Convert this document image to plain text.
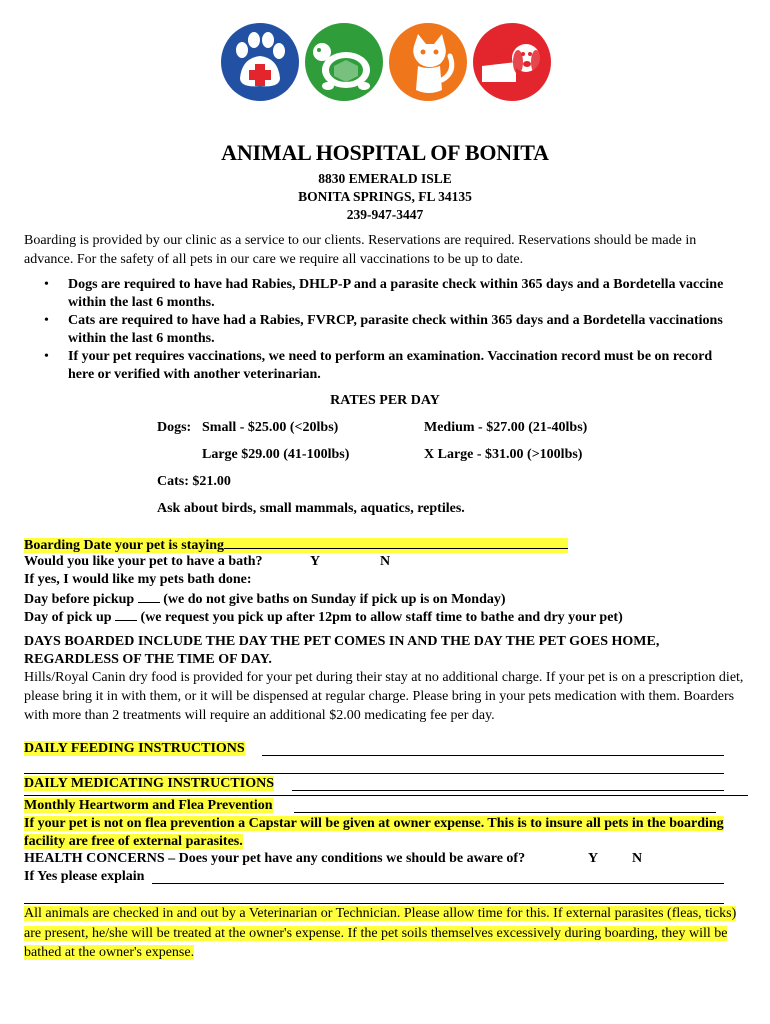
ANIMAL HOSPITAL OF BONITA
8830 EMERALD ISLE
BONITA SPRINGS, FL 34135
239-947-3447
Boarding is provided by our clinic as a service to our clients. Reservations are required. Reservations should be made in advance. For the safety of all pets in our care we require all vaccinations to be up to date.
• Dogs are required to have had Rabies, DHLP-P and a parasite check within 365 days and a Bordetella vaccine within the last 6 months.
• Cats are required to have had a Rabies, FVRCP, parasite check within 365 days and a Bordetella vaccinations within the last 6 months.
• If your pet requires vaccinations, we need to perform an examination. Vaccination record must be on record here or verified with another veterinarian.
RATES PER DAY
Dogs: Small - $25.00 (<20lbs)	Medium - $27.00 (21-40lbs)
Large $29.00 (41-100lbs)	X Large - $31.00 (>100lbs)
Cats: $21.00
Ask about birds, small mammals, aquatics, reptiles.
Boarding Date your pet is staying
Would you like your pet to have a bath?	Y	N
If yes, I would like my pets bath done:
Day before pickup (we do not give baths on Sunday if pick up is on Monday)
Day of pick up (we request you pick up after 12pm to allow staff time to bathe and dry your pet)
DAYS BOARDED INCLUDE THE DAY THE PET COMES IN AND THE DAY THE PET GOES HOME, REGARDLESS OF THE TIME OF DAY.
Hills/Royal Canin dry food is provided for your pet during their stay at no additional charge. If your pet is on a prescription diet, please bring it in with them, or it will be dispensed at regular charge. Please bring in your pets medication with them. Boarders with more than 2 treatments will require an additional $2.00 medicating fee per day.
DAILY FEEDING INSTRUCTIONS
DAILY MEDICATING INSTRUCTIONS
Monthly Heartworm and Flea Prevention
If your pet is not on flea prevention a Capstar will be given at owner expense. This is to insure all pets in the boarding facility are free of external parasites.
HEALTH CONCERNS – Does your pet have any conditions we should be aware of?	Y N
If Yes please explain
All animals are checked in and out by a Veterinarian or Technician. Please allow time for this. If external parasites (fleas, ticks) are present, he/she will be treated at the owner's expense. If the pet soils themselves excessively during boarding, they will be bathed at the owner's expense.
